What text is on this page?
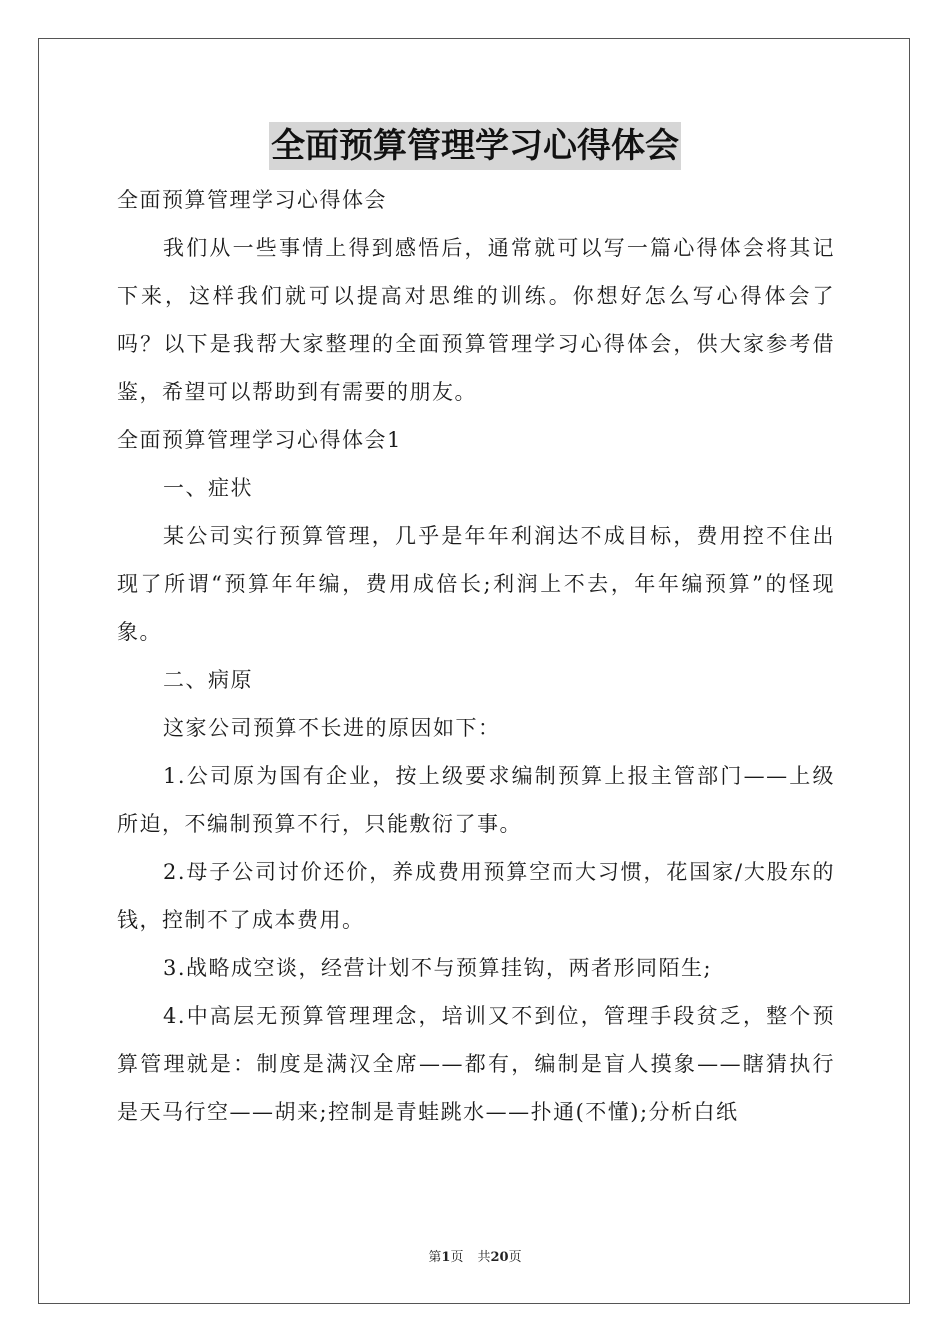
全面预算管理学习心得体会

全面预算管理学习心得体会

我们从一些事情上得到感悟后，通常就可以写一篇心得体会将其记下来，这样我们就可以提高对思维的训练。你想好怎么写心得体会了吗？以下是我帮大家整理的全面预算管理学习心得体会，供大家参考借鉴，希望可以帮助到有需要的朋友。

全面预算管理学习心得体会1

一、症状

某公司实行预算管理，几乎是年年利润达不成目标，费用控不住出现了所谓“预算年年编，费用成倍长;利润上不去，年年编预算”的怪现象。

二、病原

这家公司预算不长进的原因如下：

1.公司原为国有企业，按上级要求编制预算上报主管部门——上级所迫，不编制预算不行，只能敷衍了事。

2.母子公司讨价还价，养成费用预算空而大习惯，花国家/大股东的钱，控制不了成本费用。

3.战略成空谈，经营计划不与预算挂钩，两者形同陌生;

4.中高层无预算管理理念，培训又不到位，管理手段贫乏，整个预算管理就是：制度是满汉全席——都有，编制是盲人摸象——瞎猜执行是天马行空——胡来;控制是青蛙跳水——扑通(不懂);分析白纸

第1页 共20页
